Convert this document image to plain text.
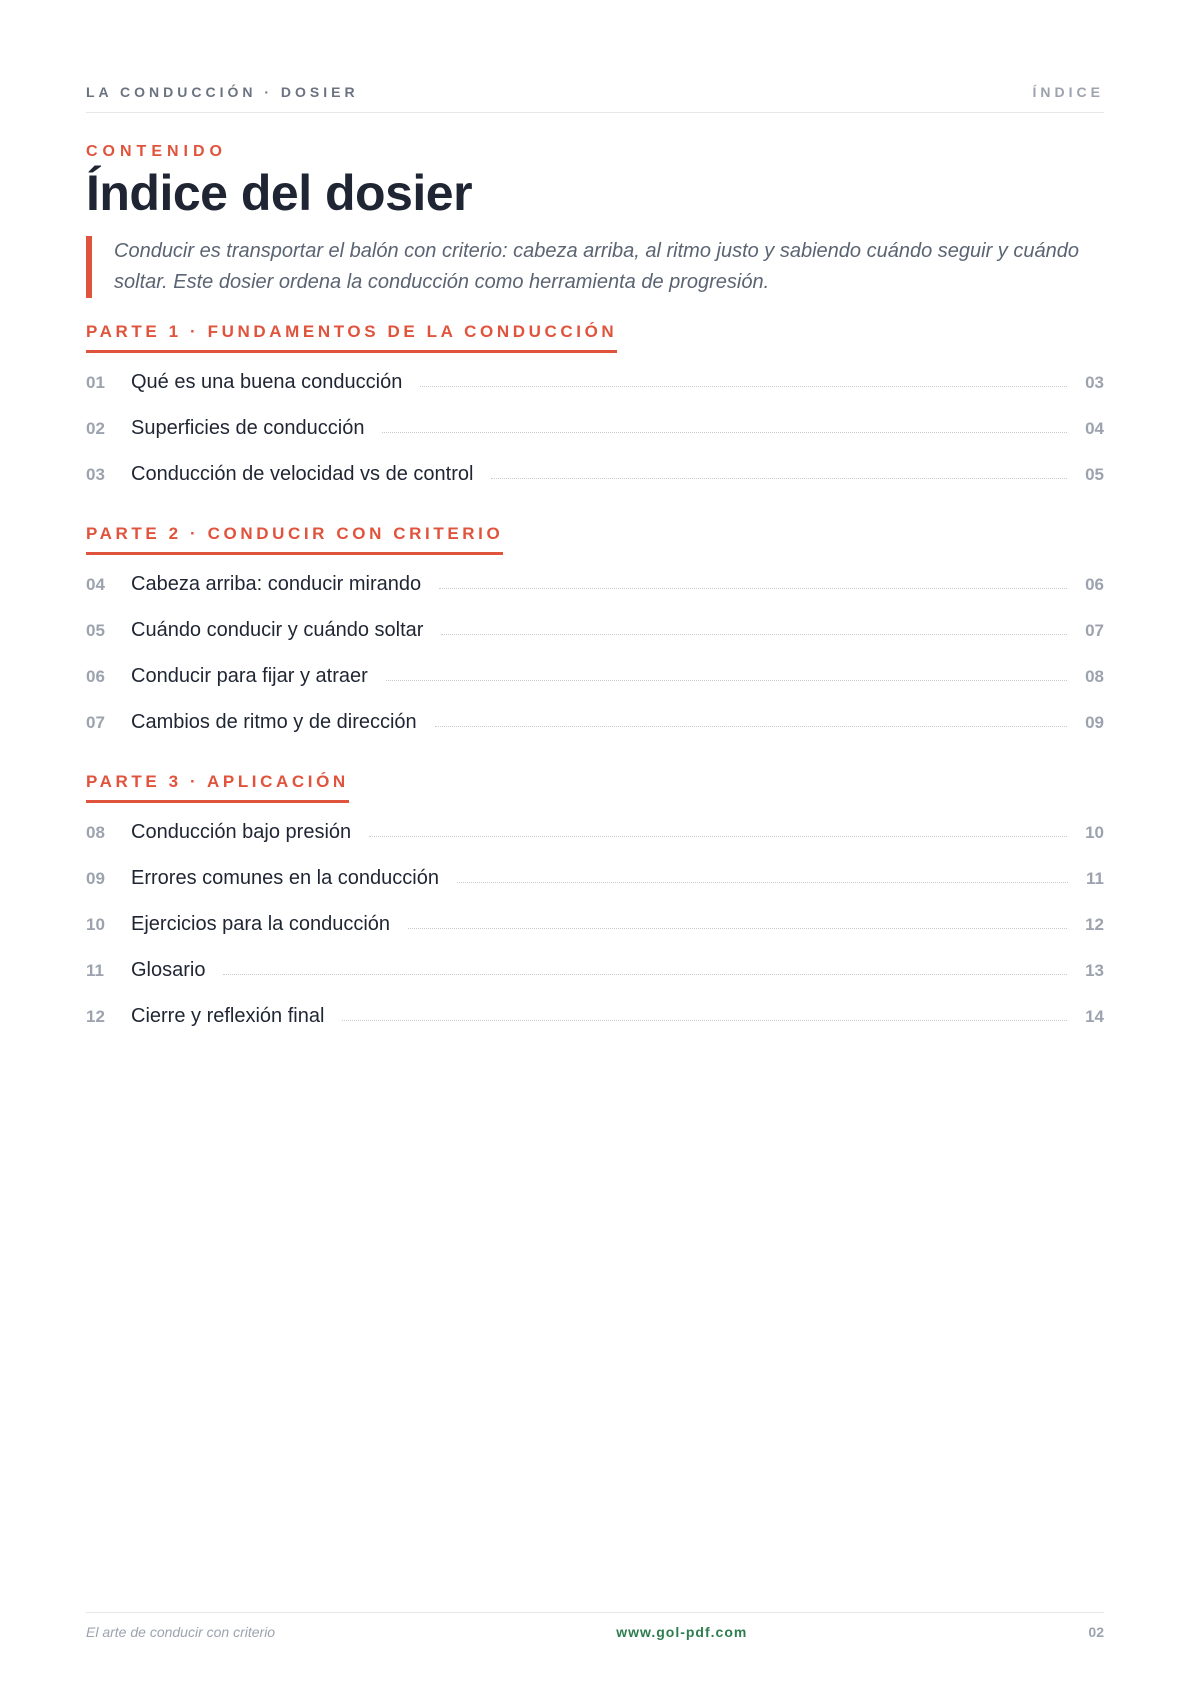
LA CONDUCCIÓN · DOSIER	ÍNDICE
CONTENIDO
Índice del dosier

Conducir es transportar el balón con criterio: cabeza arriba, al ritmo justo y sabiendo cuándo seguir y cuándo soltar. Este dosier ordena la conducción como herramienta de progresión.

PARTE 1 · FUNDAMENTOS DE LA CONDUCCIÓN
01	Qué es una buena conducción	03
02	Superficies de conducción	04
03	Conducción de velocidad vs de control	05
PARTE 2 · CONDUCIR CON CRITERIO
04	Cabeza arriba: conducir mirando	06
05	Cuándo conducir y cuándo soltar	07
06	Conducir para fijar y atraer	08
07	Cambios de ritmo y de dirección	09
PARTE 3 · APLICACIÓN
08	Conducción bajo presión	10
09	Errores comunes en la conducción	11
10	Ejercicios para la conducción	12
11	Glosario	13
12	Cierre y reflexión final	14
El arte de conducir con criterio	www.gol-pdf.com	02
